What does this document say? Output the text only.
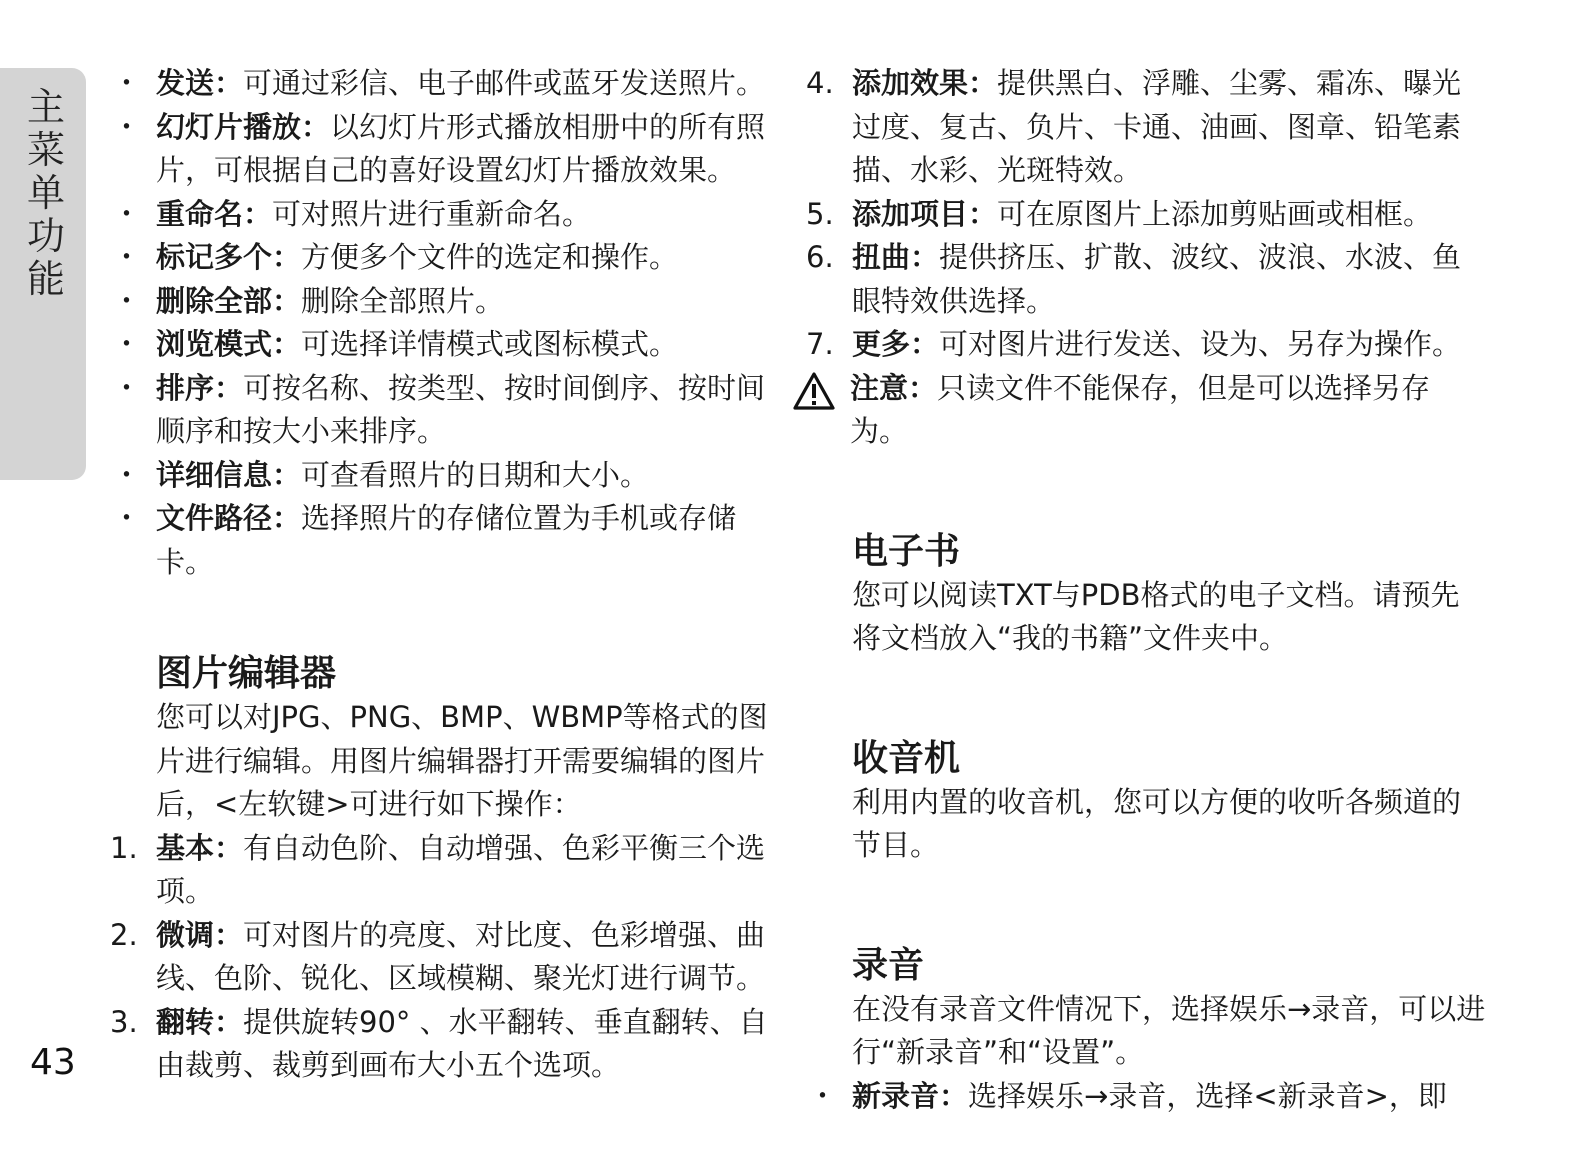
主菜单功能
43
・ 发送：可通过彩信、电子邮件或蓝牙发送照片。
・ 幻灯片播放：以幻灯片形式播放相册中的所有照片，可根据自己的喜好设置幻灯片播放效果。
・ 重命名：可对照片进行重新命名。
・ 标记多个：方便多个文件的选定和操作。
・ 删除全部：删除全部照片。
・ 浏览模式：可选择详情模式或图标模式。
・ 排序：可按名称、按类型、按时间倒序、按时间顺序和按大小来排序。
・ 详细信息：可查看照片的日期和大小。
・ 文件路径：选择照片的存储位置为手机或存储卡。
图片编辑器

您可以对JPG、PNG、BMP、WBMP等格式的图片进行编辑。用图片编辑器打开需要编辑的图片后，<左软键>可进行如下操作：

1. 基本：有自动色阶、自动增强、色彩平衡三个选项。
2. 微调：可对图片的亮度、对比度、色彩增强、曲线、色阶、锐化、区域模糊、聚光灯进行调节。
3. 翻转：提供旋转90° 、水平翻转、垂直翻转、自由裁剪、裁剪到画布大小五个选项。
4. 添加效果：提供黑白、浮雕、尘雾、霜冻、曝光过度、复古、负片、卡通、油画、图章、铅笔素描、水彩、光斑特效。
5. 添加项目：可在原图片上添加剪贴画或相框。
6. 扭曲：提供挤压、扩散、波纹、波浪、水波、鱼眼特效供选择。
7. 更多：可对图片进行发送、设为、另存为操作。
注意：只读文件不能保存，但是可以选择另存为。
电子书

您可以阅读TXT与PDB格式的电子文档。请预先将文档放入“我的书籍”文件夹中。

收音机

利用内置的收音机，您可以方便的收听各频道的节目。

录音

在没有录音文件情况下，选择娱乐→录音，可以进行“新录音”和“设置”。

・ 新录音：选择娱乐→录音，选择<新录音>，即
